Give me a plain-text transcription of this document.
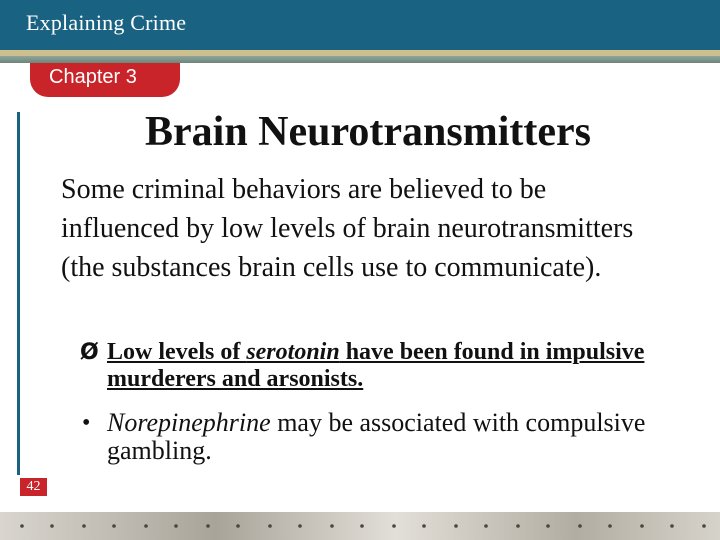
Explaining Crime
Chapter 3
Brain Neurotransmitters
Some criminal behaviors are believed to be influenced by low levels of brain neurotransmitters (the substances brain cells use to communicate).
Ø Low levels of serotonin have been found in impulsive murderers and arsonists.
• Norepinephrine may be associated with compulsive gambling.
42
